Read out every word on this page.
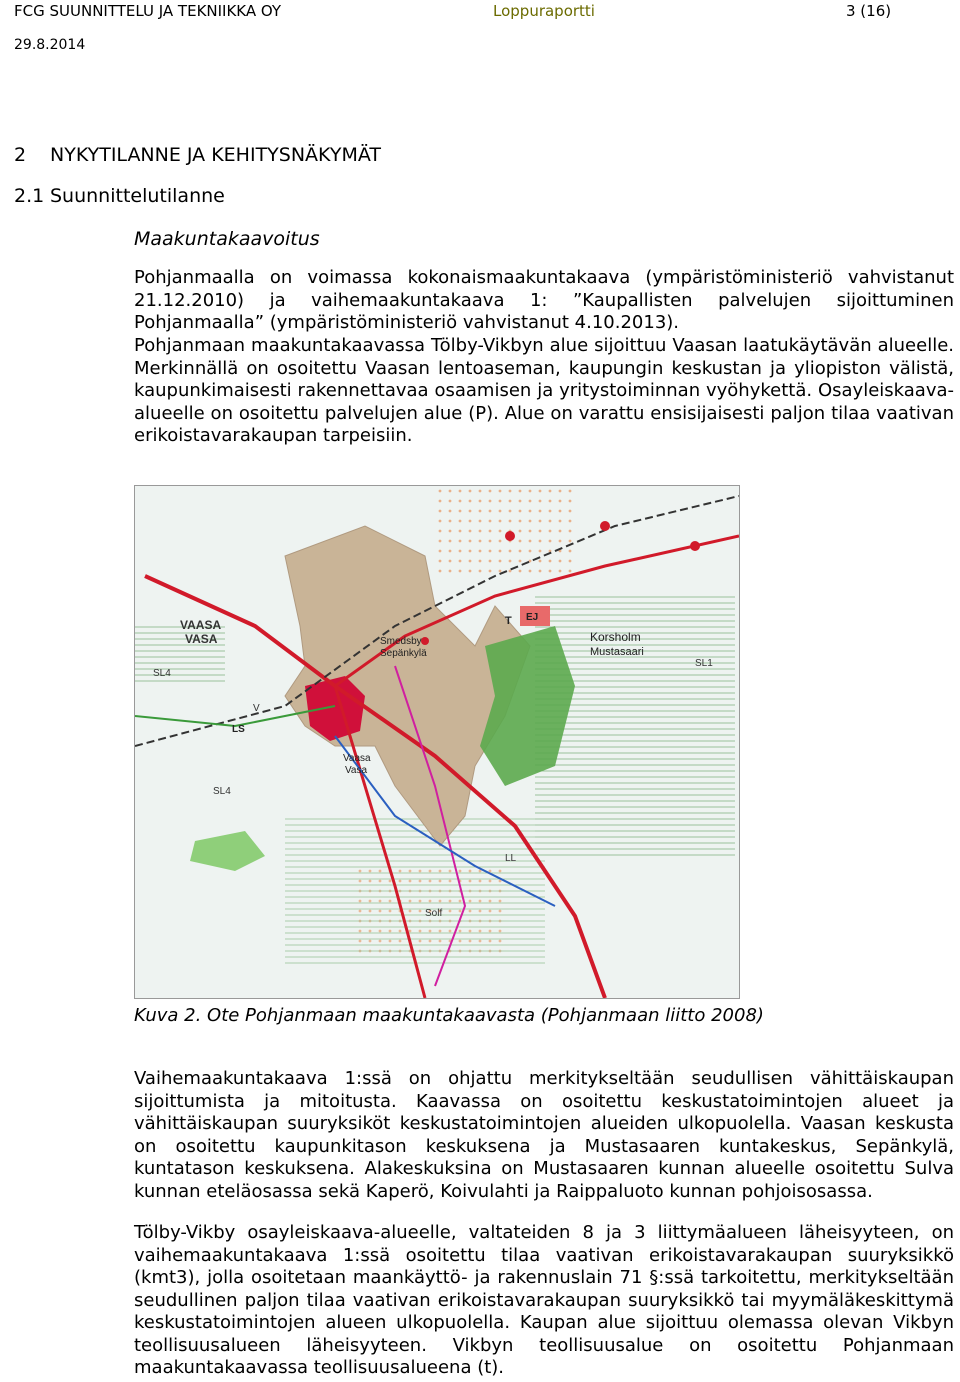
FCG SUUNNITTELU JA TEKNIIKKA OY	Loppuraportti	3 (16)
29.8.2014
2 NYKYTILANNE JA KEHITYSNÄKYMÄT
2.1 Suunnittelutilanne
Maakuntakaavoitus

Pohjanmaalla on voimassa kokonaismaakuntakaava (ympäristöministeriö vahvistanut 21.12.2010) ja vaihemaakuntakaava 1: ”Kaupallisten palvelujen sijoittuminen Pohjanmaalla” (ympäristöministeriö vahvistanut 4.10.2013).

Pohjanmaan maakuntakaavassa Tölby-Vikbyn alue sijoittuu Vaasan laatukäytävän alueelle. Merkinnällä on osoitettu Vaasan lentoaseman, kaupungin keskustan ja yliopiston välistä, kaupunkimaisesti rakennettavaa osaamisen ja yritystoiminnan vyöhykettä. Osayleiskaava-alueelle on osoitettu palvelujen alue (P). Alue on varattu ensisijaisesti paljon tilaa vaativan erikoistavarakaupan tarpeisiin.

VAASA
VASA	Korsholm
Mustasaari
Smedsby
Sepänkylä
Vaasa
Vasa
EJ
T
LS
SL4
SL4
SL1
V
LL
Solf
Kuva 2. Ote Pohjanmaan maakuntakaavasta (Pohjanmaan liitto 2008)

Vaihemaakuntakaava 1:ssä on ohjattu merkitykseltään seudullisen vähittäiskaupan sijoittumista ja mitoitusta. Kaavassa on osoitettu keskustatoimintojen alueet ja vähittäiskaupan suuryksiköt keskustatoimintojen alueiden ulkopuolella. Vaasan keskusta on osoitettu kaupunkitason keskuksena ja Mustasaaren kuntakeskus, Sepänkylä, kuntatason keskuksena. Alakeskuksina on Mustasaaren kunnan alueelle osoitettu Sulva kunnan eteläosassa sekä Kaperö, Koivulahti ja Raippaluoto kunnan pohjoisosassa.

Tölby-Vikby osayleiskaava-alueelle, valtateiden 8 ja 3 liittymäalueen läheisyyteen, on vaihemaakuntakaava 1:ssä osoitettu tilaa vaativan erikoistavarakaupan suuryksikkö (kmt3), jolla osoitetaan maankäyttö- ja rakennuslain 71 §:ssä tarkoitettu, merkitykseltään seudullinen paljon tilaa vaativan erikoistavarakaupan suuryksikkö tai myymäläkeskittymä keskustatoimintojen alueen ulkopuolella. Kaupan alue sijoittuu olemassa olevan Vikbyn teollisuusalueen läheisyyteen. Vikbyn teollisuusalue on osoitettu Pohjanmaan maakuntakaavassa teollisuusalueena (t).
